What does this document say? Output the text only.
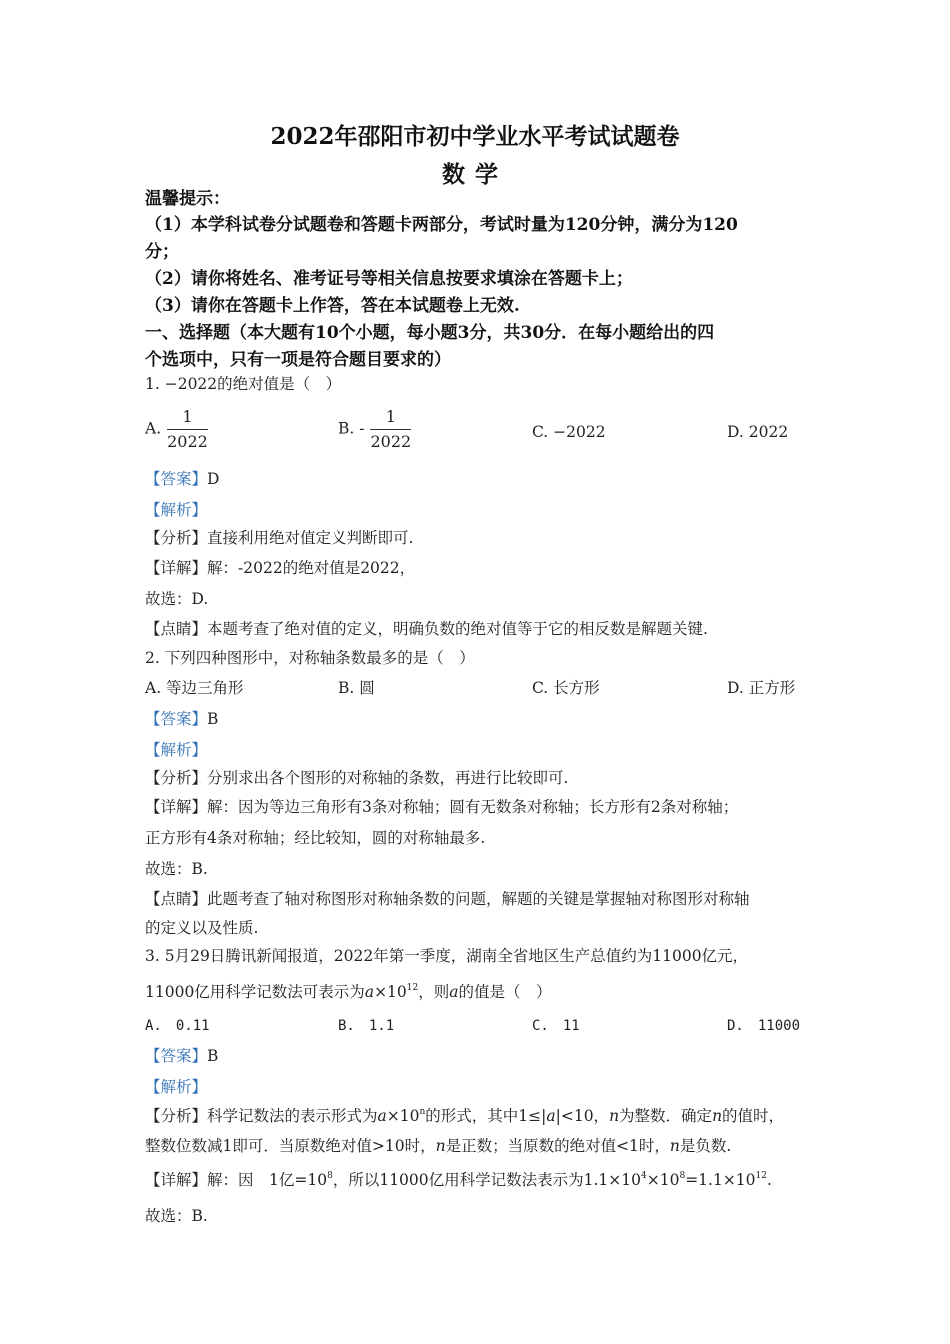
2022年邵阳市初中学业水平考试试题卷
数学
温馨提示：
（1）本学科试卷分试题卷和答题卡两部分，考试时量为120分钟，满分为120
分；
（2）请你将姓名、准考证号等相关信息按要求填涂在答题卡上；
（3）请你在答题卡上作答，答在本试题卷上无效.
一、选择题（本大题有10个小题，每小题3分，共30分．在每小题给出的四
个选项中，只有一项是符合题目要求的）
1. −2022的绝对值是（　）
A. $\frac{1}{2022}$	B. - $\frac{1}{2022}$	C. −2022	D. 2022
【答案】D
【解析】
【分析】直接利用绝对值定义判断即可.
【详解】解：-2022的绝对值是2022，
故选：D.
【点睛】本题考查了绝对值的定义，明确负数的绝对值等于它的相反数是解题关键.
2. 下列四种图形中，对称轴条数最多的是（　）
A. 等边三角形	B. 圆	C. 长方形	D. 正方形
【答案】B
【解析】
【分析】分别求出各个图形的对称轴的条数，再进行比较即可.
【详解】解：因为等边三角形有3条对称轴；圆有无数条对称轴；长方形有2条对称轴；
正方形有4条对称轴；经比较知，圆的对称轴最多.
故选：B.
【点睛】此题考查了轴对称图形对称轴条数的问题，解题的关键是掌握轴对称图形对称轴
的定义以及性质.
3. 5月29日腾讯新闻报道，2022年第一季度，湖南全省地区生产总值约为11000亿元，
11000亿用科学记数法可表示为$a\times 10^{12}$，则a的值是（　）
A.　0.11	B.　1.1	C.　11	D.　11000
【答案】B
【解析】
【分析】科学记数法的表示形式为$a\times 10^n$的形式，其中1≤|a|<10，n为整数．确定n的值时，
整数位数减1即可．当原数绝对值>10时，n是正数；当原数的绝对值<1时，n是负数.
【详解】解：因　1亿$=10^8$，所以11000亿用科学记数法表示为$1.1\times 10^4\times 10^8=1.1\times 10^{12}$.
故选：B.
